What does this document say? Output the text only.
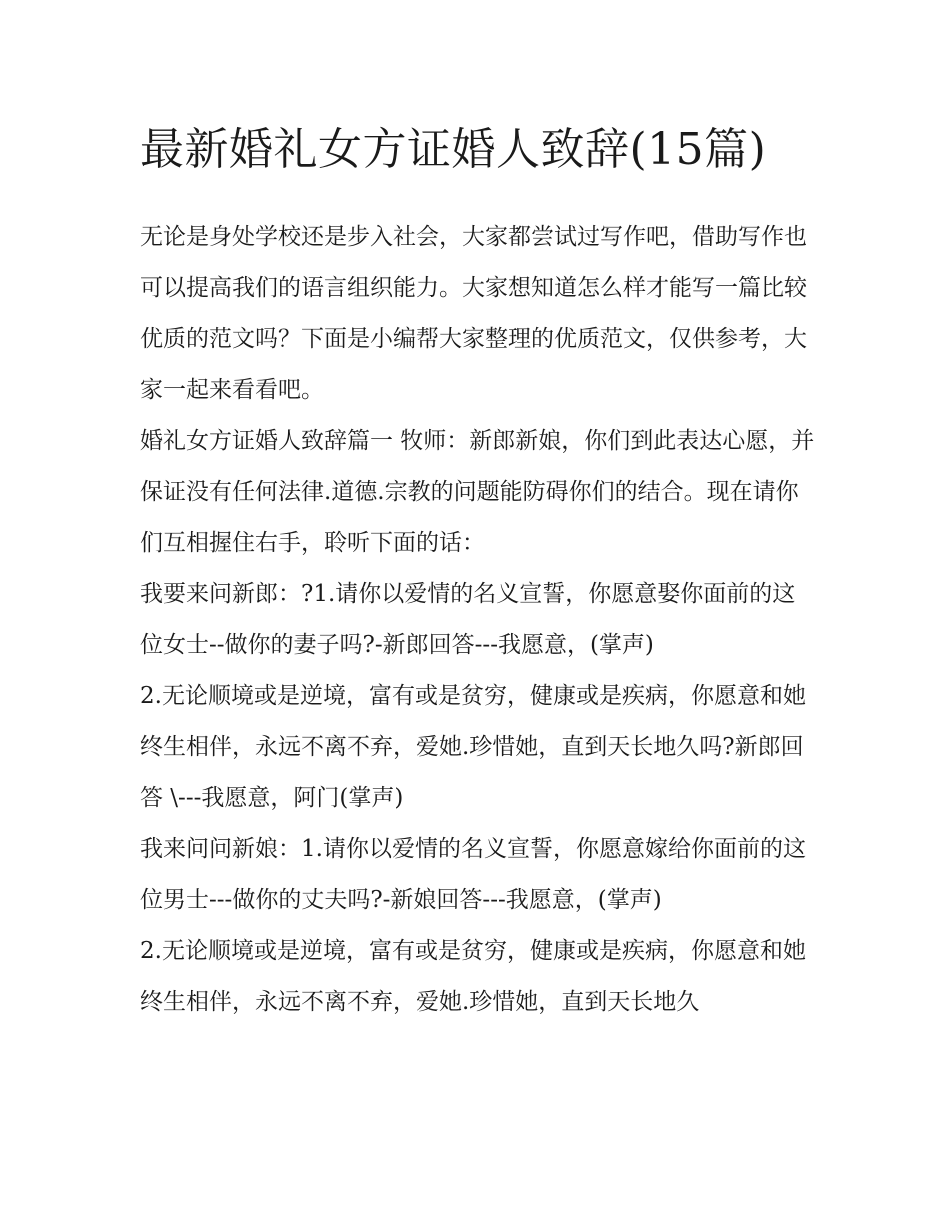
最新婚礼女方证婚人致辞(15篇)

无论是身处学校还是步入社会，大家都尝试过写作吧，借助写作也可以提高我们的语言组织能力。大家想知道怎么样才能写一篇比较优质的范文吗？下面是小编帮大家整理的优质范文，仅供参考，大家一起来看看吧。

婚礼女方证婚人致辞篇一 牧师：新郎新娘，你们到此表达心愿，并保证没有任何法律.道德.宗教的问题能防碍你们的结合。现在请你们互相握住右手，聆听下面的话：

我要来问新郎：?1.请你以爱情的名义宣誓，你愿意娶你面前的这位女士--做你的妻子吗?-新郎回答---我愿意，(掌声)

2.无论顺境或是逆境，富有或是贫穷，健康或是疾病，你愿意和她终生相伴，永远不离不弃，爱她.珍惜她，直到天长地久吗?新郎回答 \---我愿意，阿门(掌声)

我来问问新娘：1.请你以爱情的名义宣誓，你愿意嫁给你面前的这位男士---做你的丈夫吗?-新娘回答---我愿意，(掌声)

2.无论顺境或是逆境，富有或是贫穷，健康或是疾病，你愿意和她终生相伴，永远不离不弃，爱她.珍惜她，直到天长地久
